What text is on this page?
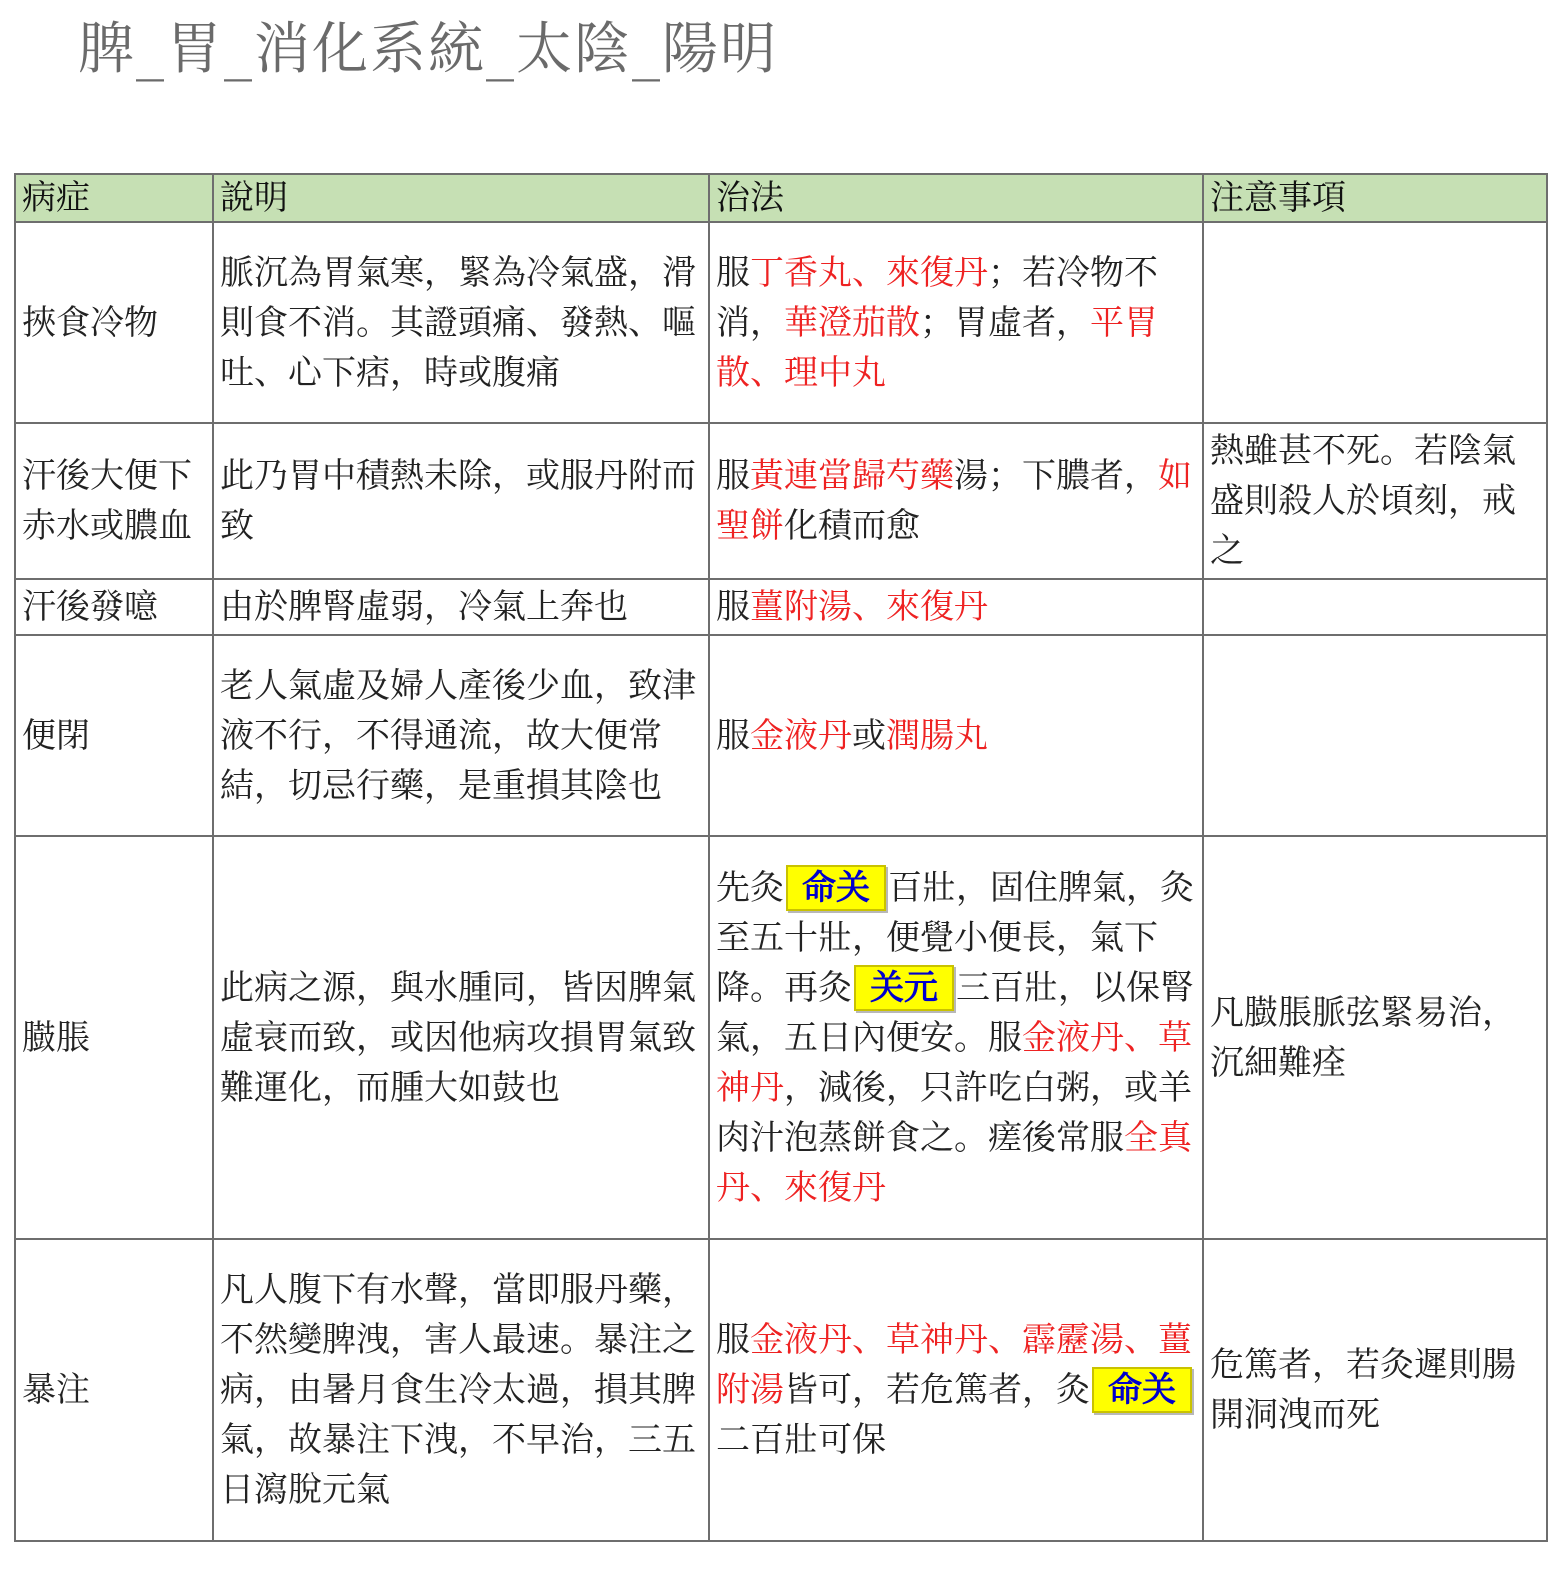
脾_胃_消化系統_太陰_陽明
病症	說明	治法	注意事項
挾食冷物	脈沉為胃氣寒，緊為冷氣盛，滑則食不消。其證頭痛、發熱、嘔吐、心下痞，時或腹痛	服丁香丸、來復丹；若冷物不消，華澄茄散；胃虛者，平胃散、理中丸	
汗後大便下赤水或膿血	此乃胃中積熱未除，或服丹附而致	服黃連當歸芍藥湯；下膿者，如聖餅化積而愈	熱雖甚不死。若陰氣盛則殺人於頃刻，戒之
汗後發噫	由於脾腎虛弱，冷氣上奔也	服薑附湯、來復丹	
便閉	老人氣虛及婦人產後少血，致津液不行，不得通流，故大便常結，切忌行藥，是重損其陰也	服金液丹或潤腸丸	
臌脹	此病之源，與水腫同，皆因脾氣虛衰而致，或因他病攻損胃氣致難運化，而腫大如鼓也	先灸 命关 百壯，固住脾氣，灸至五十壯，便覺小便長，氣下降。再灸 关元 三百壯，以保腎氣，五日內便安。服金液丹、草神丹，減後，只許吃白粥，或羊肉汁泡蒸餅食之。瘥後常服全真丹、來復丹	凡臌脹脈弦緊易治，沉細難痊
暴注	凡人腹下有水聲，當即服丹藥，不然變脾洩，害人最速。暴注之病，由暑月食生冷太過，損其脾氣，故暴注下洩，不早治，三五日瀉脫元氣	服金液丹、草神丹、霹靂湯、薑附湯皆可，若危篤者，灸 命关二百壯可保	危篤者，若灸遲則腸開洞洩而死
